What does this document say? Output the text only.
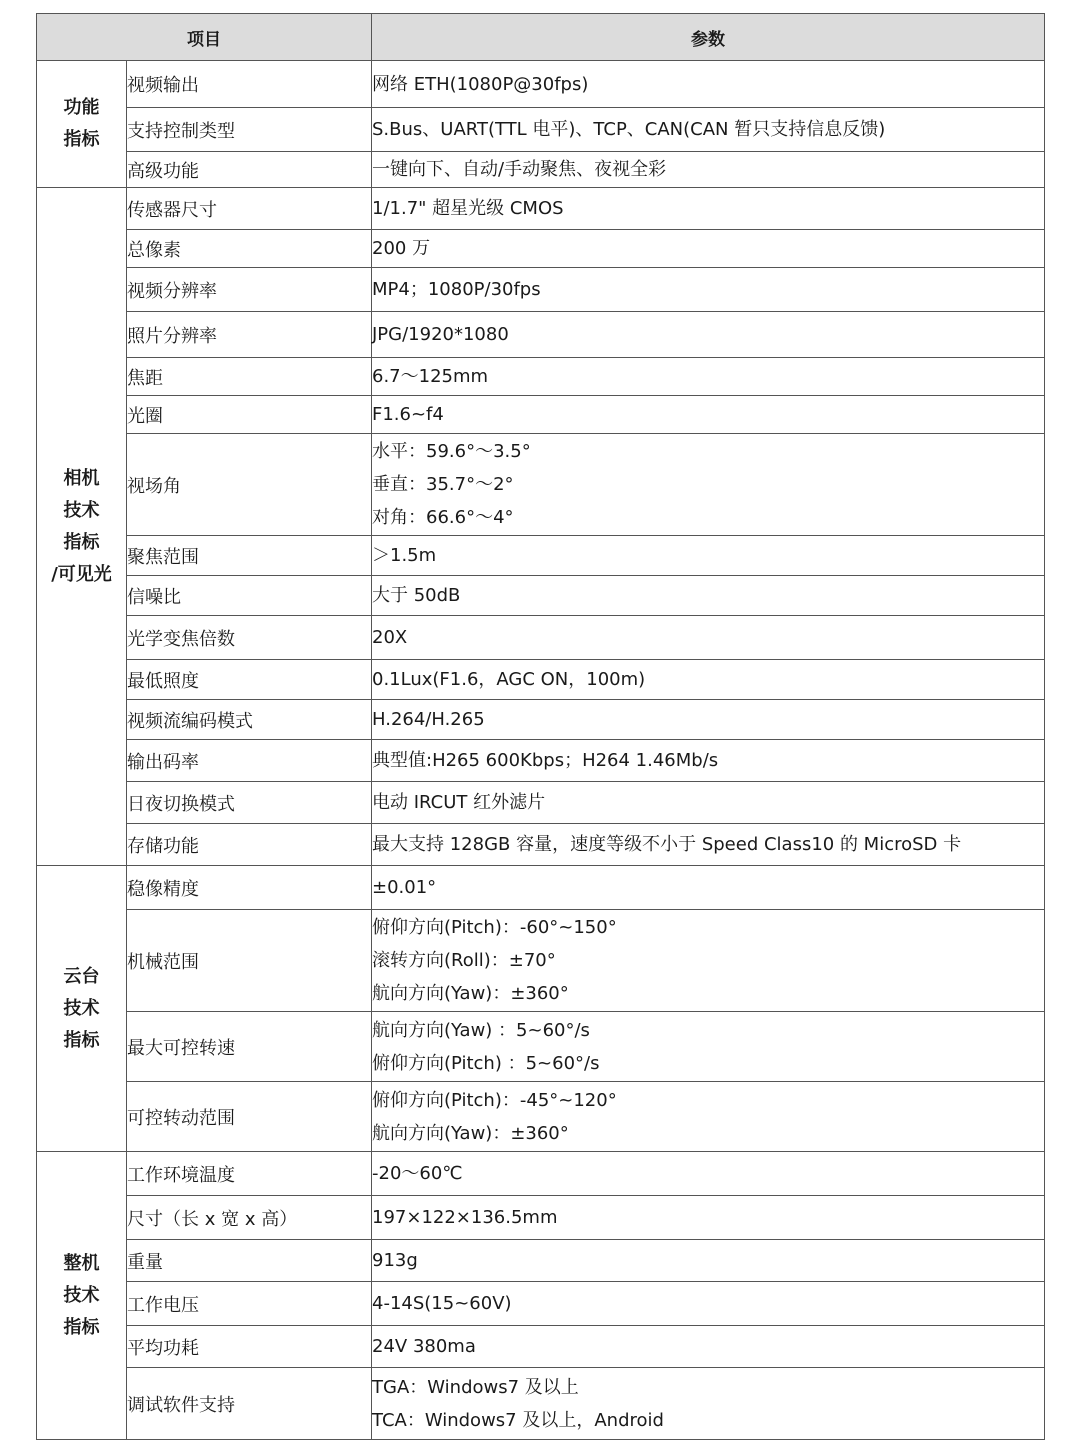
项目		参数

功能
指标	视频输出	网络 ETH(1080P@30fps)

	支持控制类型	S.Bus、UART(TTL 电平)、TCP、CAN(CAN 暂只支持信息反馈)

	高级功能	一键向下、自动/手动聚焦、夜视全彩

相机
技术
指标
/可见光	传感器尺寸	1/1.7" 超星光级 CMOS

	总像素	200 万

	视频分辨率	MP4；1080P/30fps

	照片分辨率	JPG/1920*1080

	焦距	6.7～125mm

	光圈	F1.6~f4

	视场角	水平：59.6°～3.5°
垂直：35.7°～2°
对角：66.6°～4°

	聚焦范围	＞1.5m

	信噪比	大于 50dB

	光学变焦倍数	20X

	最低照度	0.1Lux(F1.6，AGC ON，100m)

	视频流编码模式	H.264/H.265

	输出码率	典型值:H265 600Kbps；H264 1.46Mb/s

	日夜切换模式	电动 IRCUT 红外滤片

	存储功能	最大支持 128GB 容量，速度等级不小于 Speed Class10 的 MicroSD 卡

云台
技术
指标	稳像精度	±0.01°

	机械范围	俯仰方向(Pitch)：-60°~150°
滚转方向(Roll)：±70°
航向方向(Yaw)：±360°

	最大可控转速	航向方向(Yaw) ：5~60°/s
俯仰方向(Pitch) ：5~60°/s

	可控转动范围	俯仰方向(Pitch)：-45°~120°
航向方向(Yaw)：±360°

整机
技术
指标	工作环境温度	-20～60℃

	尺寸（长 x 宽 x 高）	197×122×136.5mm

	重量	913g

	工作电压	4-14S(15~60V)

	平均功耗	24V 380ma

	调试软件支持	TGA：Windows7 及以上
TCA：Windows7 及以上，Android
